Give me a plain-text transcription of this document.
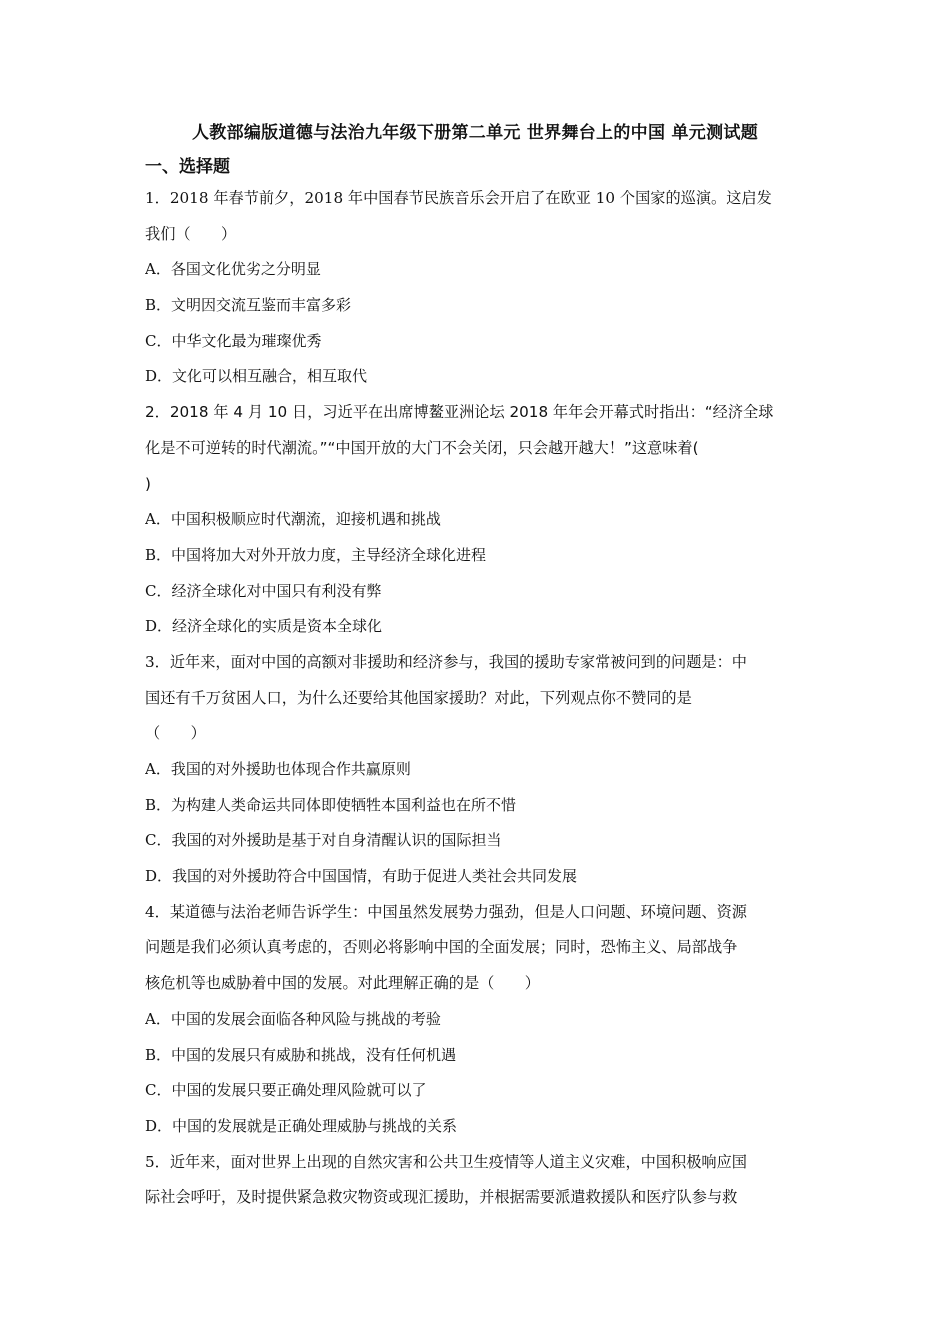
人教部编版道德与法治九年级下册第二单元 世界舞台上的中国 单元测试题
一、选择题
1．2018 年春节前夕，2018 年中国春节民族音乐会开启了在欧亚 10 个国家的巡演。这启发
我们（　　）
A．各国文化优劣之分明显
B．文明因交流互鉴而丰富多彩
C．中华文化最为璀璨优秀
D．文化可以相互融合，相互取代
2．2018 年 4 月 10 日，习近平在出席博鳌亚洲论坛 2018 年年会开幕式时指出：“经济全球
化是不可逆转的时代潮流。”“中国开放的大门不会关闭，只会越开越大！”这意味着(
)
A．中国积极顺应时代潮流，迎接机遇和挑战
B．中国将加大对外开放力度，主导经济全球化进程
C．经济全球化对中国只有利没有弊
D．经济全球化的实质是资本全球化
3．近年来，面对中国的高额对非援助和经济参与，我国的援助专家常被问到的问题是：中
国还有千万贫困人口，为什么还要给其他国家援助？对此，下列观点你不赞同的是
（　　）
A．我国的对外援助也体现合作共赢原则
B．为构建人类命运共同体即使牺牲本国利益也在所不惜
C．我国的对外援助是基于对自身清醒认识的国际担当
D．我国的对外援助符合中国国情，有助于促进人类社会共同发展
4．某道德与法治老师告诉学生：中国虽然发展势力强劲，但是人口问题、环境问题、资源
问题是我们必须认真考虑的，否则必将影响中国的全面发展；同时，恐怖主义、局部战争
核危机等也威胁着中国的发展。对此理解正确的是（　　）
A．中国的发展会面临各种风险与挑战的考验
B．中国的发展只有威胁和挑战，没有任何机遇
C．中国的发展只要正确处理风险就可以了
D．中国的发展就是正确处理威胁与挑战的关系
5．近年来，面对世界上出现的自然灾害和公共卫生疫情等人道主义灾难，中国积极响应国
际社会呼吁，及时提供紧急救灾物资或现汇援助，并根据需要派遣救援队和医疗队参与救
